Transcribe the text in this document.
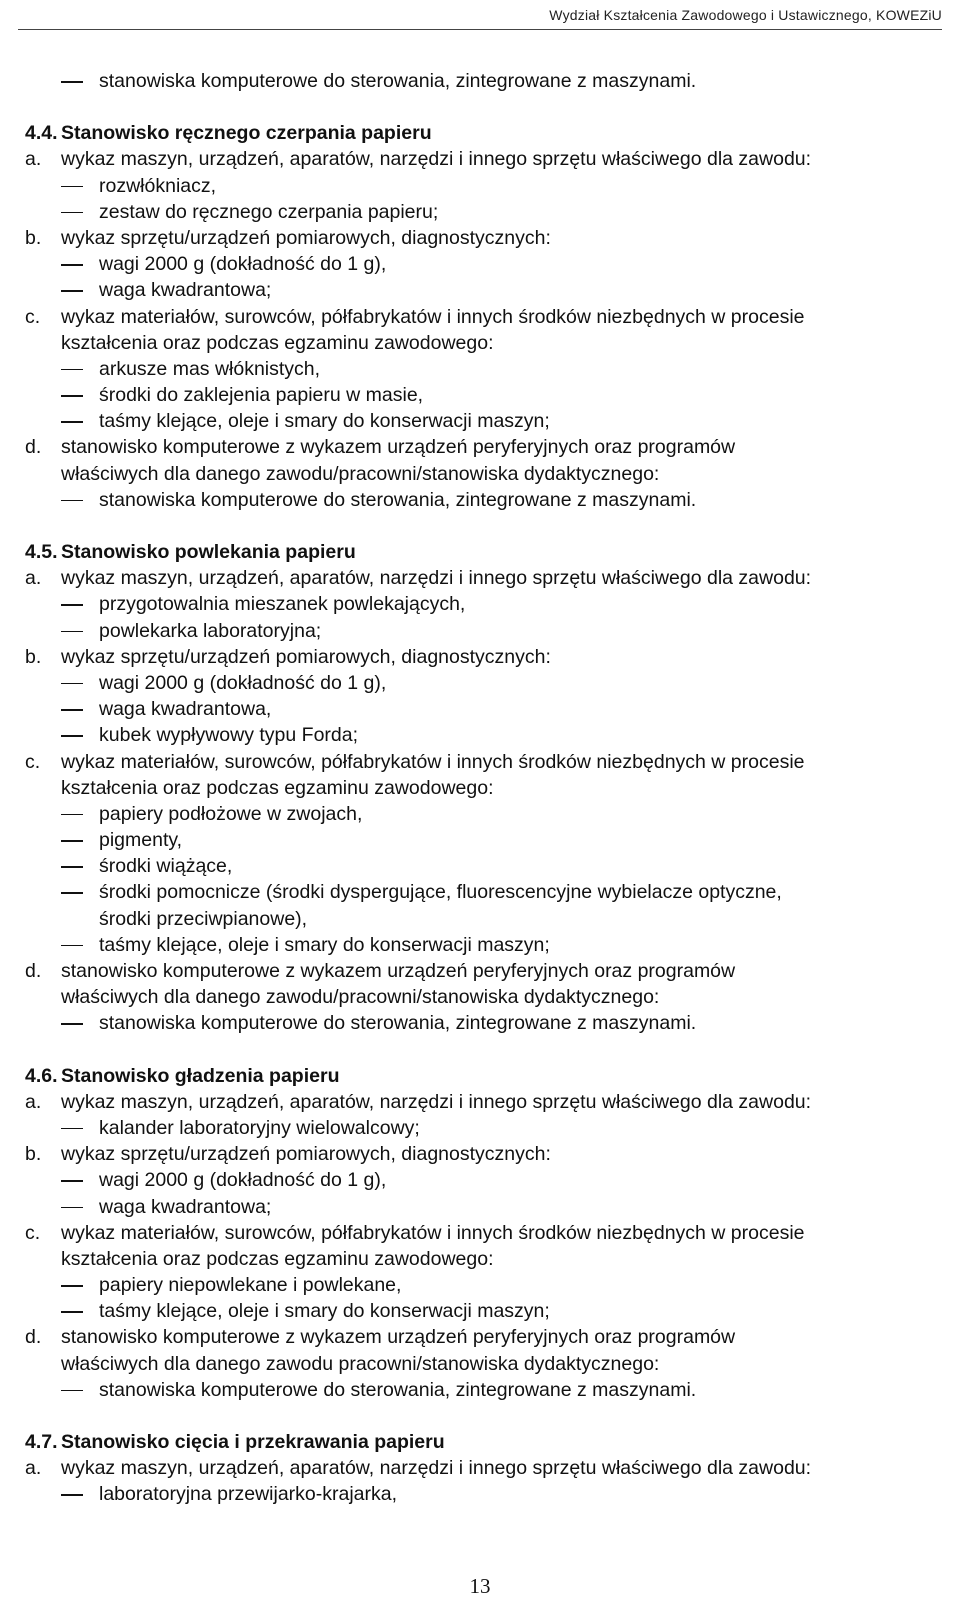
Wydział Kształcenia Zawodowego i Ustawicznego, KOWEZiU
stanowiska komputerowe do sterowania, zintegrowane z maszynami.
4.4. Stanowisko ręcznego czerpania papieru
a. wykaz maszyn, urządzeń, aparatów, narzędzi i innego sprzętu właściwego dla zawodu:
rozwłókniacz,
zestaw do ręcznego czerpania papieru;
b. wykaz sprzętu/urządzeń pomiarowych, diagnostycznych:
wagi 2000 g (dokładność do 1 g),
waga kwadrantowa;
c. wykaz materiałów, surowców, półfabrykatów i innych środków niezbędnych w procesie
kształcenia oraz podczas egzaminu zawodowego:
arkusze mas włóknistych,
środki do zaklejenia papieru w masie,
taśmy klejące, oleje i smary do konserwacji maszyn;
d. stanowisko komputerowe z wykazem urządzeń peryferyjnych oraz programów
właściwych dla danego zawodu/pracowni/stanowiska dydaktycznego:
stanowiska komputerowe do sterowania, zintegrowane z maszynami.
4.5. Stanowisko powlekania papieru
a. wykaz maszyn, urządzeń, aparatów, narzędzi i innego sprzętu właściwego dla zawodu:
przygotowalnia mieszanek powlekających,
powlekarka laboratoryjna;
b. wykaz sprzętu/urządzeń pomiarowych, diagnostycznych:
wagi 2000 g (dokładność do 1 g),
waga kwadrantowa,
kubek wypływowy typu Forda;
c. wykaz materiałów, surowców, półfabrykatów i innych środków niezbędnych w procesie
kształcenia oraz podczas egzaminu zawodowego:
papiery podłożowe w zwojach,
pigmenty,
środki wiążące,
środki pomocnicze (środki dyspergujące, fluorescencyjne wybielacze optyczne,
środki przeciwpianowe),
taśmy klejące, oleje i smary do konserwacji maszyn;
d. stanowisko komputerowe z wykazem urządzeń peryferyjnych oraz programów
właściwych dla danego zawodu/pracowni/stanowiska dydaktycznego:
stanowiska komputerowe do sterowania, zintegrowane z maszynami.
4.6. Stanowisko gładzenia papieru
a. wykaz maszyn, urządzeń, aparatów, narzędzi i innego sprzętu właściwego dla zawodu:
kalander laboratoryjny wielowalcowy;
b. wykaz sprzętu/urządzeń pomiarowych, diagnostycznych:
wagi 2000 g (dokładność do 1 g),
waga kwadrantowa;
c. wykaz materiałów, surowców, półfabrykatów i innych środków niezbędnych w procesie
kształcenia oraz podczas egzaminu zawodowego:
papiery niepowlekane i powlekane,
taśmy klejące, oleje i smary do konserwacji maszyn;
d. stanowisko komputerowe z wykazem urządzeń peryferyjnych oraz programów
właściwych dla danego zawodu pracowni/stanowiska dydaktycznego:
stanowiska komputerowe do sterowania, zintegrowane z maszynami.
4.7. Stanowisko cięcia i przekrawania papieru
a. wykaz maszyn, urządzeń, aparatów, narzędzi i innego sprzętu właściwego dla zawodu:
laboratoryjna przewijarko-krajarka,
13
